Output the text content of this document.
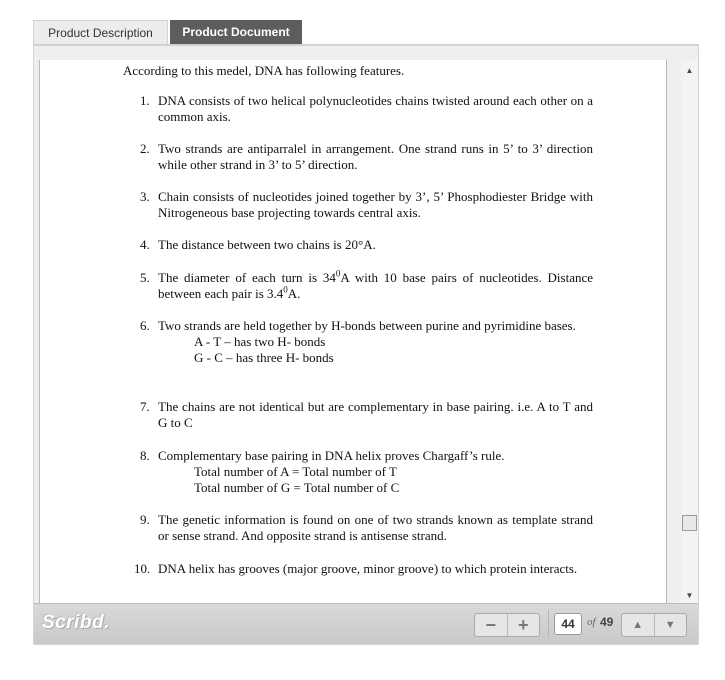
Product Description	Product Document
According to this medel, DNA has following features.
1. DNA consists of two helical polynucleotides chains twisted around each other on a common axis.
2. Two strands are antiparralel in arrangement. One strand runs in 5’ to 3’ direction while other strand in 3’ to 5’ direction.
3. Chain consists of nucleotides joined together by 3’, 5’ Phosphodiester Bridge with Nitrogeneous base projecting towards central axis.
4. The distance between two chains is 20°A.
5. The diameter of each turn is $34^0A$ with 10 base pairs of nucleotides. Distance between each pair is $3.4^0A$.
6. Two strands are held together by H-bonds between purine and pyrimidine bases.
A - T – has two H- bonds
G - C – has three H- bonds
7. The chains are not identical but are complementary in base pairing. i.e. A to T and G to C
8. Complementary base pairing in DNA helix proves Chargaff’s rule.
Total number of A = Total number of T
Total number of G = Total number of C
9. The genetic information is found on one of two strands known as template strand or sense strand. And opposite strand is antisense strand.
10. DNA helix has grooves (major groove, minor groove) to which protein interacts.
▲
▼
Scribd.	−	+	44	of 49	▲	▼
